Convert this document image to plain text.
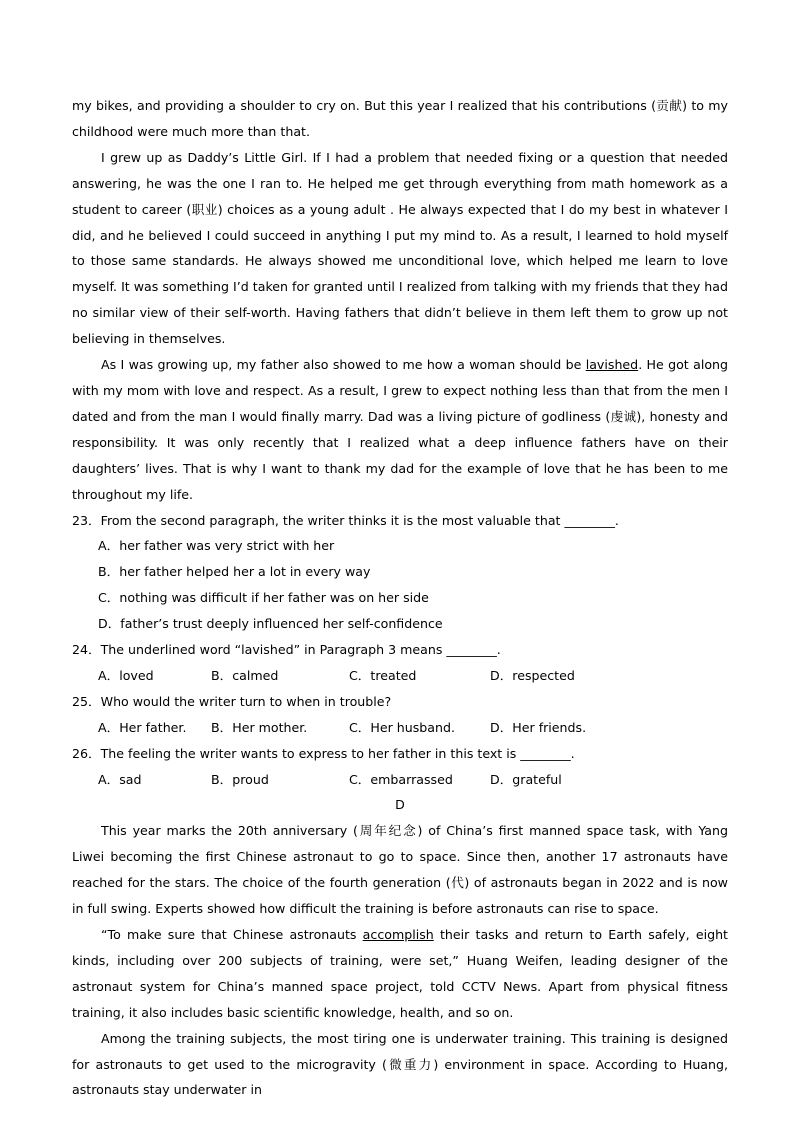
my bikes, and providing a shoulder to cry on. But this year I realized that his contributions (贡献) to my childhood were much more than that.

I grew up as Daddy’s Little Girl. If I had a problem that needed fixing or a question that needed answering, he was the one I ran to. He helped me get through everything from math homework as a student to career (职业) choices as a young adult . He always expected that I do my best in whatever I did, and he believed I could succeed in anything I put my mind to. As a result, I learned to hold myself to those same standards. He always showed me unconditional love, which helped me learn to love myself. It was something I’d taken for granted until I realized from talking with my friends that they had no similar view of their self-worth. Having fathers that didn’t believe in them left them to grow up not believing in themselves.

As I was growing up, my father also showed to me how a woman should be lavished. He got along with my mom with love and respect. As a result, I grew to expect nothing less than that from the men I dated and from the man I would finally marry. Dad was a living picture of godliness (虔诚), honesty and responsibility. It was only recently that I realized what a deep influence fathers have on their daughters’ lives. That is why I want to thank my dad for the example of love that he has been to me throughout my life.

23．From the second paragraph, the writer thinks it is the most valuable that ________.

A．her father was very strict with her

B．her father helped her a lot in every way

C．nothing was difficult if her father was on her side

D．father’s trust deeply influenced her self-confidence

24．The underlined word “lavished” in Paragraph 3 means ________.

A．loved	B．calmed	C．treated	D．respected

25．Who would the writer turn to when in trouble?

A．Her father.	B．Her mother.	C．Her husband.	D．Her friends.

26．The feeling the writer wants to express to her father in this text is ________.

A．sad	B．proud	C．embarrassed	D．grateful

D

This year marks the 20th anniversary (周年纪念) of China’s first manned space task, with Yang Liwei becoming the first Chinese astronaut to go to space. Since then, another 17 astronauts have reached for the stars. The choice of the fourth generation (代) of astronauts began in 2022 and is now in full swing. Experts showed how difficult the training is before astronauts can rise to space.

“To make sure that Chinese astronauts accomplish their tasks and return to Earth safely, eight kinds, including over 200 subjects of training, were set,” Huang Weifen, leading designer of the astronaut system for China’s manned space project, told CCTV News. Apart from physical fitness training, it also includes basic scientific knowledge, health, and so on.

Among the training subjects, the most tiring one is underwater training. This training is designed for astronauts to get used to the microgravity (微重力) environment in space. According to Huang, astronauts stay underwater in
